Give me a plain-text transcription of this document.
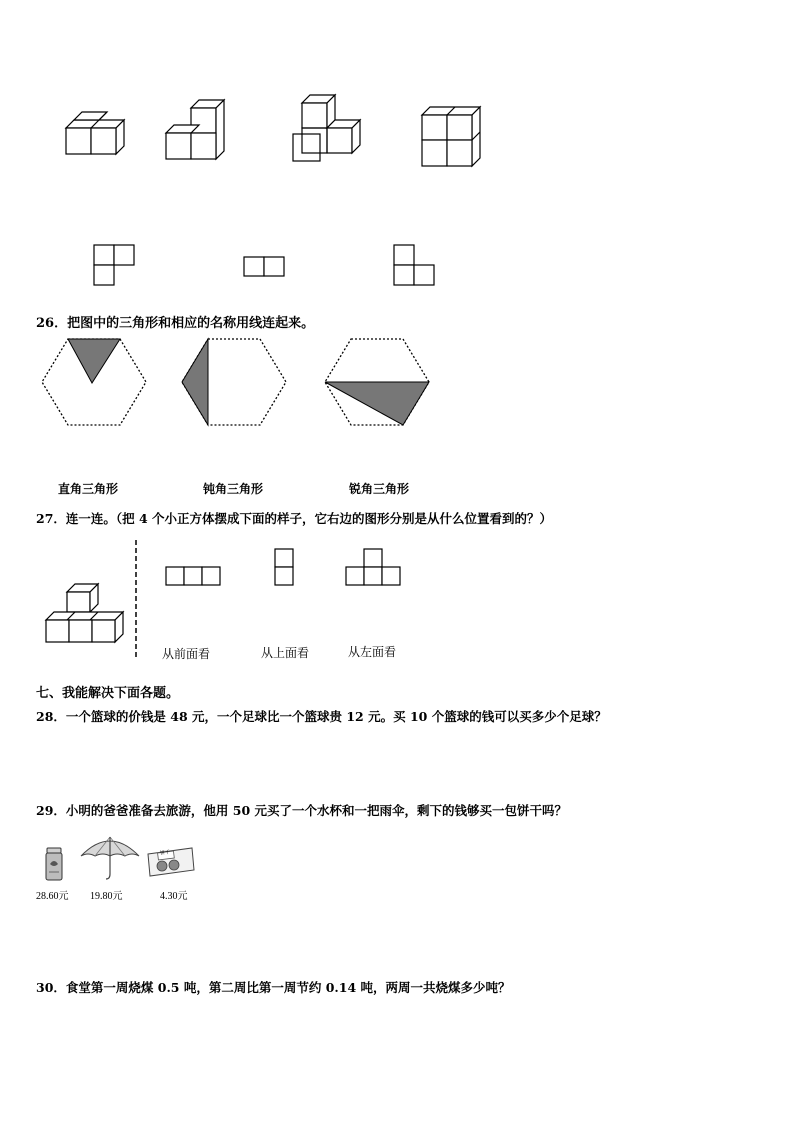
26．把图中的三角形和相应的名称用线连起来。
直角三角形	钝角三角形	锐角三角形
27．连一连。（把 4 个小正方体摆成下面的样子，它右边的图形分别是从什么位置看到的？）
从前面看	从上面看	从左面看
七、我能解决下面各题。
28．一个篮球的价钱是 48 元，一个足球比一个篮球贵 12 元。买 10 个篮球的钱可以买多少个足球？
29．小明的爸爸准备去旅游，他用 50 元买了一个水杯和一把雨伞，剩下的钱够买一包饼干吗？
28.60元 19.80元
饼干
4.30元
30．食堂第一周烧煤 0.5 吨，第二周比第一周节约 0.14 吨，两周一共烧煤多少吨？
